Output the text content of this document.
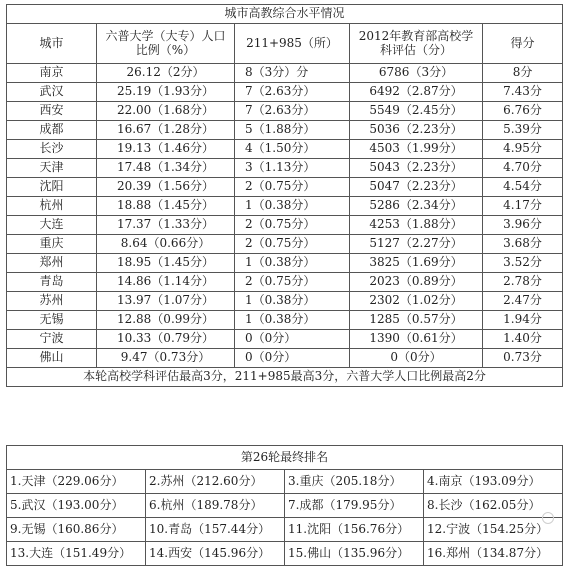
城市高教综合水平情况				
城市	六普大学（大专）人口比例（%）	211+985（所）	2012年教育部高校学科评估（分）	得分
南京	26.12（2分）	8（3分）分	6786（3分）	8分
武汉	25.19（1.93分）	7（2.63分）	6492（2.87分）	7.43分
西安	22.00（1.68分）	7（2.63分）	5549（2.45分）	6.76分
成都	16.67（1.28分）	5（1.88分）	5036（2.23分）	5.39分
长沙	19.13（1.46分）	4（1.50分）	4503（1.99分）	4.95分
天津	17.48（1.34分）	3（1.13分）	5043（2.23分）	4.70分
沈阳	20.39（1.56分）	2（0.75分）	5047（2.23分）	4.54分
杭州	18.88（1.45分）	1（0.38分）	5286（2.34分）	4.17分
大连	17.37（1.33分）	2（0.75分）	4253（1.88分）	3.96分
重庆	8.64（0.66分）	2（0.75分）	5127（2.27分）	3.68分
郑州	18.95（1.45分）	1（0.38分）	3825（1.69分）	3.52分
青岛	14.86（1.14分）	2（0.75分）	2023（0.89分）	2.78分
苏州	13.97（1.07分）	1（0.38分）	2302（1.02分）	2.47分
无锡	12.88（0.99分）	1（0.38分）	1285（0.57分）	1.94分
宁波	10.33（0.79分）	0（0分）	1390（0.61分）	1.40分
佛山	9.47（0.73分）	0（0分）	0（0分）	0.73分
本轮高校学科评估最高3分，211+985最高3分，六普大学人口比例最高2分				
第26轮最终排名			
1.天津（229.06分）	2.苏州（212.60分）	3.重庆（205.18分）	4.南京（193.09分）
5.武汉（193.00分）	6.杭州（189.78分）	7.成都（179.95分）	8.长沙（162.05分）
9.无锡（160.86分）	10.青岛（157.44分）	11.沈阳（156.76分）	12.宁波（154.25分）
13.大连（151.49分）	14.西安（145.96分）	15.佛山（135.96分）	16.郑州（134.87分）
